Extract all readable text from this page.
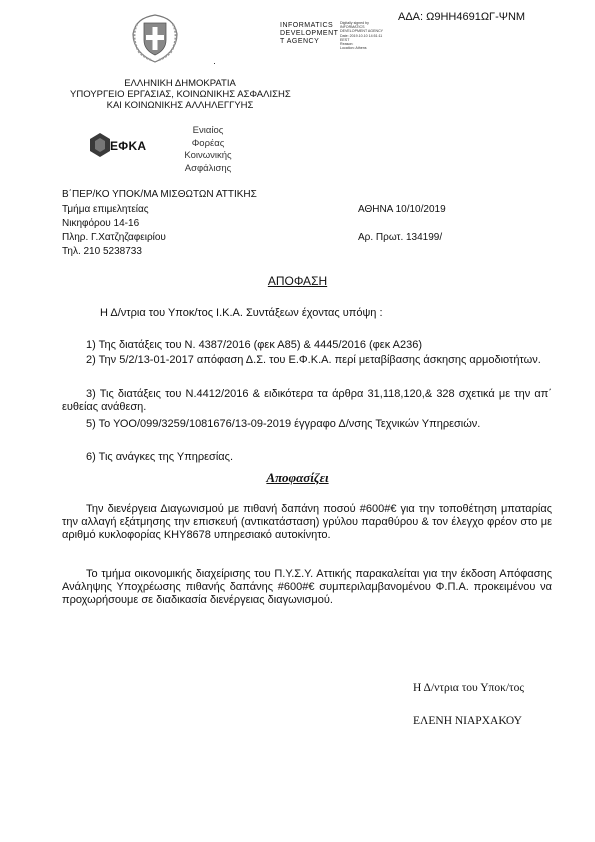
ΑΔΑ: Ω9ΗΗ4691ΩΓ-ΨΝΜ
INFORMATICS
DEVELOPMENT
T AGENCY
Digitally signed by
INFORMATICS
DEVELOPMENT AGENCY
Date: 2019.10.10 14:51:11
EEST
Reason:
Location: Athens
·
ΕΛΛΗΝΙΚΗ ΔΗΜΟΚΡΑΤΙΑ
ΥΠΟΥΡΓΕΙΟ ΕΡΓΑΣΙΑΣ, ΚΟΙΝΩΝΙΚΗΣ ΑΣΦΑΛΙΣΗΣ
ΚΑΙ ΚΟΙΝΩΝΙΚΗΣ ΑΛΛΗΛΕΓΓΥΗΣ
ΕΦΚΑ
Ενιαίος
Φορέας
Κοινωνικής
Ασφάλισης
Β΄ΠΕΡ/ΚΟ ΥΠΟΚ/ΜΑ ΜΙΣΘΩΤΩΝ ΑΤΤΙΚΗΣ
Τμήμα επιμελητείας
Νικηφόρου 14-16
Πληρ. Γ.Χατζηζαφειρίου
Τηλ. 210 5238733
ΑΘΗΝΑ 10/10/2019
Αρ. Πρωτ. 134199/
ΑΠΟΦΑΣΗ
Η Δ/ντρια του Υποκ/τος Ι.Κ.Α. Συντάξεων έχοντας υπόψη :
1) Της διατάξεις του Ν. 4387/2016 (φεκ Α85) & 4445/2016 (φεκ Α236)
2) Την 5/2/13-01-2017 απόφαση Δ.Σ. του Ε.Φ.Κ.Α. περί μεταβίβασης άσκησης αρμοδιοτήτων.
3) Τις διατάξεις του Ν.4412/2016 & ειδικότερα τα άρθρα 31,118,120,& 328 σχετικά με την απ΄ ευθείας ανάθεση.
5) Το ΥΟΟ/099/3259/1081676/13-09-2019 έγγραφο Δ/νσης Τεχνικών Υπηρεσιών.
6) Τις ανάγκες της Υπηρεσίας.
Αποφασίζει
Την διενέργεια Διαγωνισμού με πιθανή δαπάνη ποσού #600#€ για την τοποθέτηση μπαταρίας την αλλαγή εξάτμησης την επισκευή (αντικατάσταση) γρύλου παραθύρου & τον έλεγχο φρέον στο με αριθμό κυκλοφορίας ΚΗΥ8678 υπηρεσιακό αυτοκίνητο.
Το τμήμα οικονομικής διαχείρισης του Π.Υ.Σ.Υ. Αττικής παρακαλείται για την έκδοση Απόφασης Ανάληψης Υποχρέωσης πιθανής δαπάνης #600#€ συμπεριλαμβανομένου Φ.Π.Α. προκειμένου να προχωρήσουμε σε διαδικασία διενέργειας διαγωνισμού.
Η Δ/ντρια του Υποκ/τος
ΕΛΕΝΗ ΝΙΑΡΧΑΚΟΥ
